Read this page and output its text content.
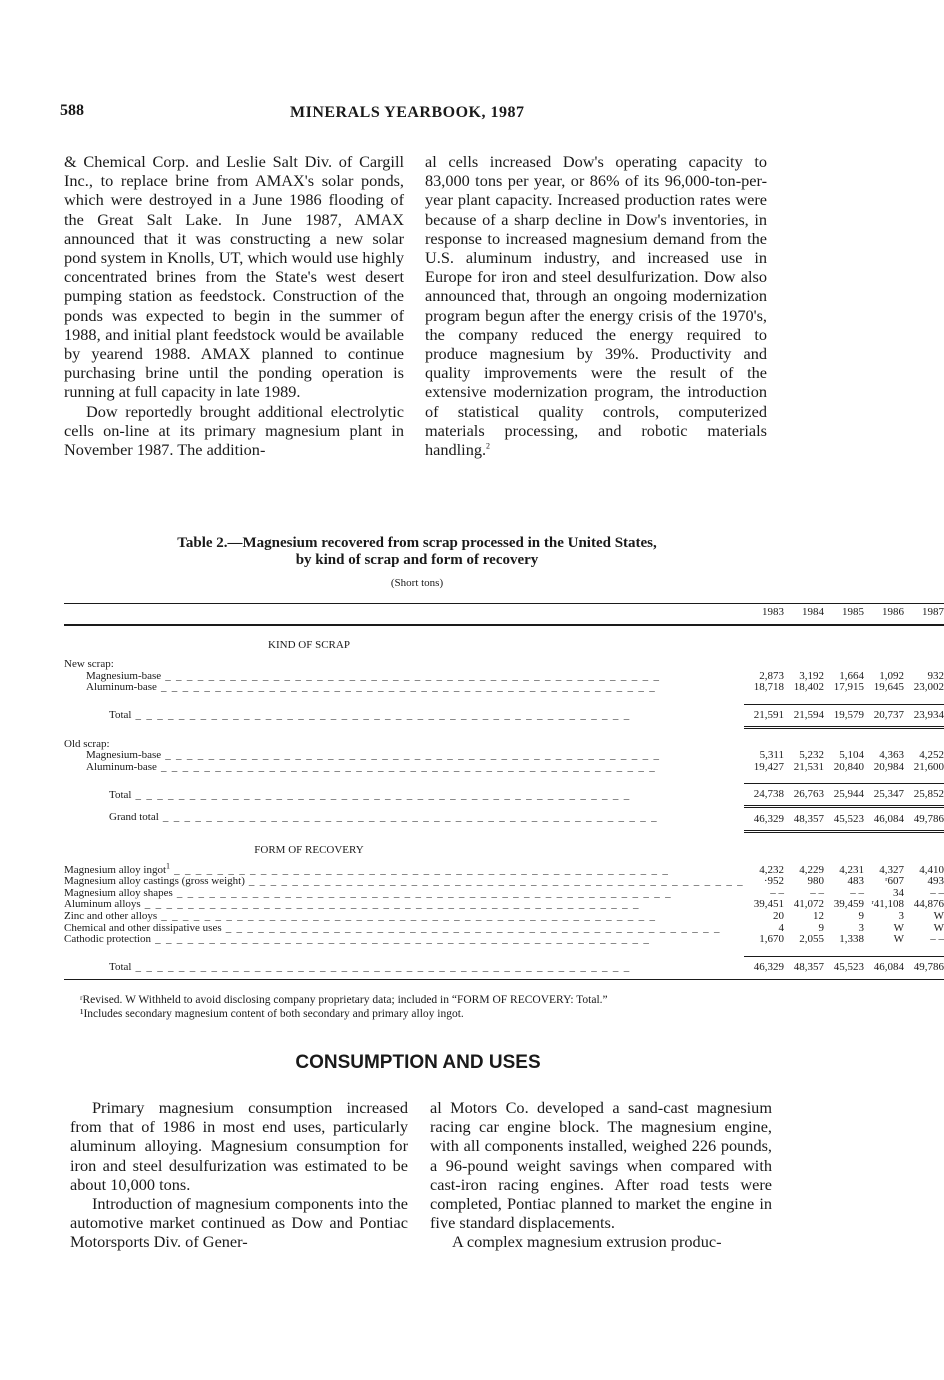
588	MINERALS YEARBOOK, 1987

& Chemical Corp. and Leslie Salt Div. of Cargill Inc., to replace brine from AMAX's solar ponds, which were destroyed in a June 1986 flooding of the Great Salt Lake. In June 1987, AMAX announced that it was constructing a new solar pond system in Knolls, UT, which would use highly concentrated brines from the State's west desert pumping station as feedstock. Construction of the ponds was expected to begin in the summer of 1988, and initial plant feedstock would be available by yearend 1988. AMAX planned to continue purchasing brine until the ponding operation is running at full capacity in late 1989.

Dow reportedly brought additional electrolytic cells on-line at its primary magnesium plant in November 1987. The addition-

al cells increased Dow's operating capacity to 83,000 tons per year, or 86% of its 96,000-ton-per-year plant capacity. Increased production rates were because of a sharp decline in Dow's inventories, in response to increased magnesium demand from the U.S. aluminum industry, and increased use in Europe for iron and steel desulfurization. Dow also announced that, through an ongoing modernization program begun after the energy crisis of the 1970's, the company reduced the energy required to produce magnesium by 39%. Productivity and quality improvements were the result of the extensive modernization program, the introduction of statistical quality controls, computerized materials processing, and robotic materials handling.$^2$

Table 2.—Magnesium recovered from scrap processed in the United States,
by kind of scrap and form of recovery
(Short tons)
	1983	1984	1985	1986	1987
KIND OF SCRAP					
New scrap:					
Magnesium-base _ _ _ _ _ _ _ _ _ _ _ _ _ _ _ _ _ _ _ _ _ _ _ _ _ _ _ _ _ _ _ _ _ _ _ _ _ _ _ _ _ _ _ _ _ _	2,873	3,192	1,664	1,092	932
Aluminum-base _ _ _ _ _ _ _ _ _ _ _ _ _ _ _ _ _ _ _ _ _ _ _ _ _ _ _ _ _ _ _ _ _ _ _ _ _ _ _ _ _ _ _ _ _ _	18,718	18,402	17,915	19,645	23,002

Total _ _ _ _ _ _ _ _ _ _ _ _ _ _ _ _ _ _ _ _ _ _ _ _ _ _ _ _ _ _ _ _ _ _ _ _ _ _ _ _ _ _ _ _ _ _	21,591	21,594	19,579	20,737	23,934

Old scrap:					
Magnesium-base _ _ _ _ _ _ _ _ _ _ _ _ _ _ _ _ _ _ _ _ _ _ _ _ _ _ _ _ _ _ _ _ _ _ _ _ _ _ _ _ _ _ _ _ _ _	5,311	5,232	5,104	4,363	4,252
Aluminum-base _ _ _ _ _ _ _ _ _ _ _ _ _ _ _ _ _ _ _ _ _ _ _ _ _ _ _ _ _ _ _ _ _ _ _ _ _ _ _ _ _ _ _ _ _ _	19,427	21,531	20,840	20,984	21,600

Total _ _ _ _ _ _ _ _ _ _ _ _ _ _ _ _ _ _ _ _ _ _ _ _ _ _ _ _ _ _ _ _ _ _ _ _ _ _ _ _ _ _ _ _ _ _	24,738	26,763	25,944	25,347	25,852
Grand total _ _ _ _ _ _ _ _ _ _ _ _ _ _ _ _ _ _ _ _ _ _ _ _ _ _ _ _ _ _ _ _ _ _ _ _ _ _ _ _ _ _ _ _ _ _	46,329	48,357	45,523	46,084	49,786
FORM OF RECOVERY					
Magnesium alloy ingot$^1$ _ _ _ _ _ _ _ _ _ _ _ _ _ _ _ _ _ _ _ _ _ _ _ _ _ _ _ _ _ _ _ _ _ _ _ _ _ _ _ _ _ _ _ _ _ _	4,232	4,229	4,231	4,327	4,410
Magnesium alloy castings (gross weight) _ _ _ _ _ _ _ _ _ _ _ _ _ _ _ _ _ _ _ _ _ _ _ _ _ _ _ _ _ _ _ _ _ _ _ _ _ _ _ _ _ _ _ _ _ _	·952	980	483	ʳ607	493
Magnesium alloy shapes _ _ _ _ _ _ _ _ _ _ _ _ _ _ _ _ _ _ _ _ _ _ _ _ _ _ _ _ _ _ _ _ _ _ _ _ _ _ _ _ _ _ _ _ _ _	– –	– –	– –	34	– –
Aluminum alloys _ _ _ _ _ _ _ _ _ _ _ _ _ _ _ _ _ _ _ _ _ _ _ _ _ _ _ _ _ _ _ _ _ _ _ _ _ _ _ _ _ _ _ _ _ _	39,451	41,072	39,459	ʳ41,108	44,876
Zinc and other alloys _ _ _ _ _ _ _ _ _ _ _ _ _ _ _ _ _ _ _ _ _ _ _ _ _ _ _ _ _ _ _ _ _ _ _ _ _ _ _ _ _ _ _ _ _ _	20	12	9	3	W
Chemical and other dissipative uses _ _ _ _ _ _ _ _ _ _ _ _ _ _ _ _ _ _ _ _ _ _ _ _ _ _ _ _ _ _ _ _ _ _ _ _ _ _ _ _ _ _ _ _ _ _	4	9	3	W	W
Cathodic protection _ _ _ _ _ _ _ _ _ _ _ _ _ _ _ _ _ _ _ _ _ _ _ _ _ _ _ _ _ _ _ _ _ _ _ _ _ _ _ _ _ _ _ _ _ _	1,670	2,055	1,338	W	– –

Total _ _ _ _ _ _ _ _ _ _ _ _ _ _ _ _ _ _ _ _ _ _ _ _ _ _ _ _ _ _ _ _ _ _ _ _ _ _ _ _ _ _ _ _ _ _	46,329	48,357	45,523	46,084	49,786
ʳRevised. W Withheld to avoid disclosing company proprietary data; included in “FORM OF RECOVERY: Total.”
¹Includes secondary magnesium content of both secondary and primary alloy ingot.
CONSUMPTION AND USES

Primary magnesium consumption increased from that of 1986 in most end uses, particularly aluminum alloying. Magnesium consumption for iron and steel desulfurization was estimated to be about 10,000 tons.

Introduction of magnesium components into the automotive market continued as Dow and Pontiac Motorsports Div. of Gener-

al Motors Co. developed a sand-cast magnesium racing car engine block. The magnesium engine, with all components installed, weighed 226 pounds, a 96-pound weight savings when compared with cast-iron racing engines. After road tests were completed, Pontiac planned to market the engine in five standard displacements.

A complex magnesium extrusion produc-
